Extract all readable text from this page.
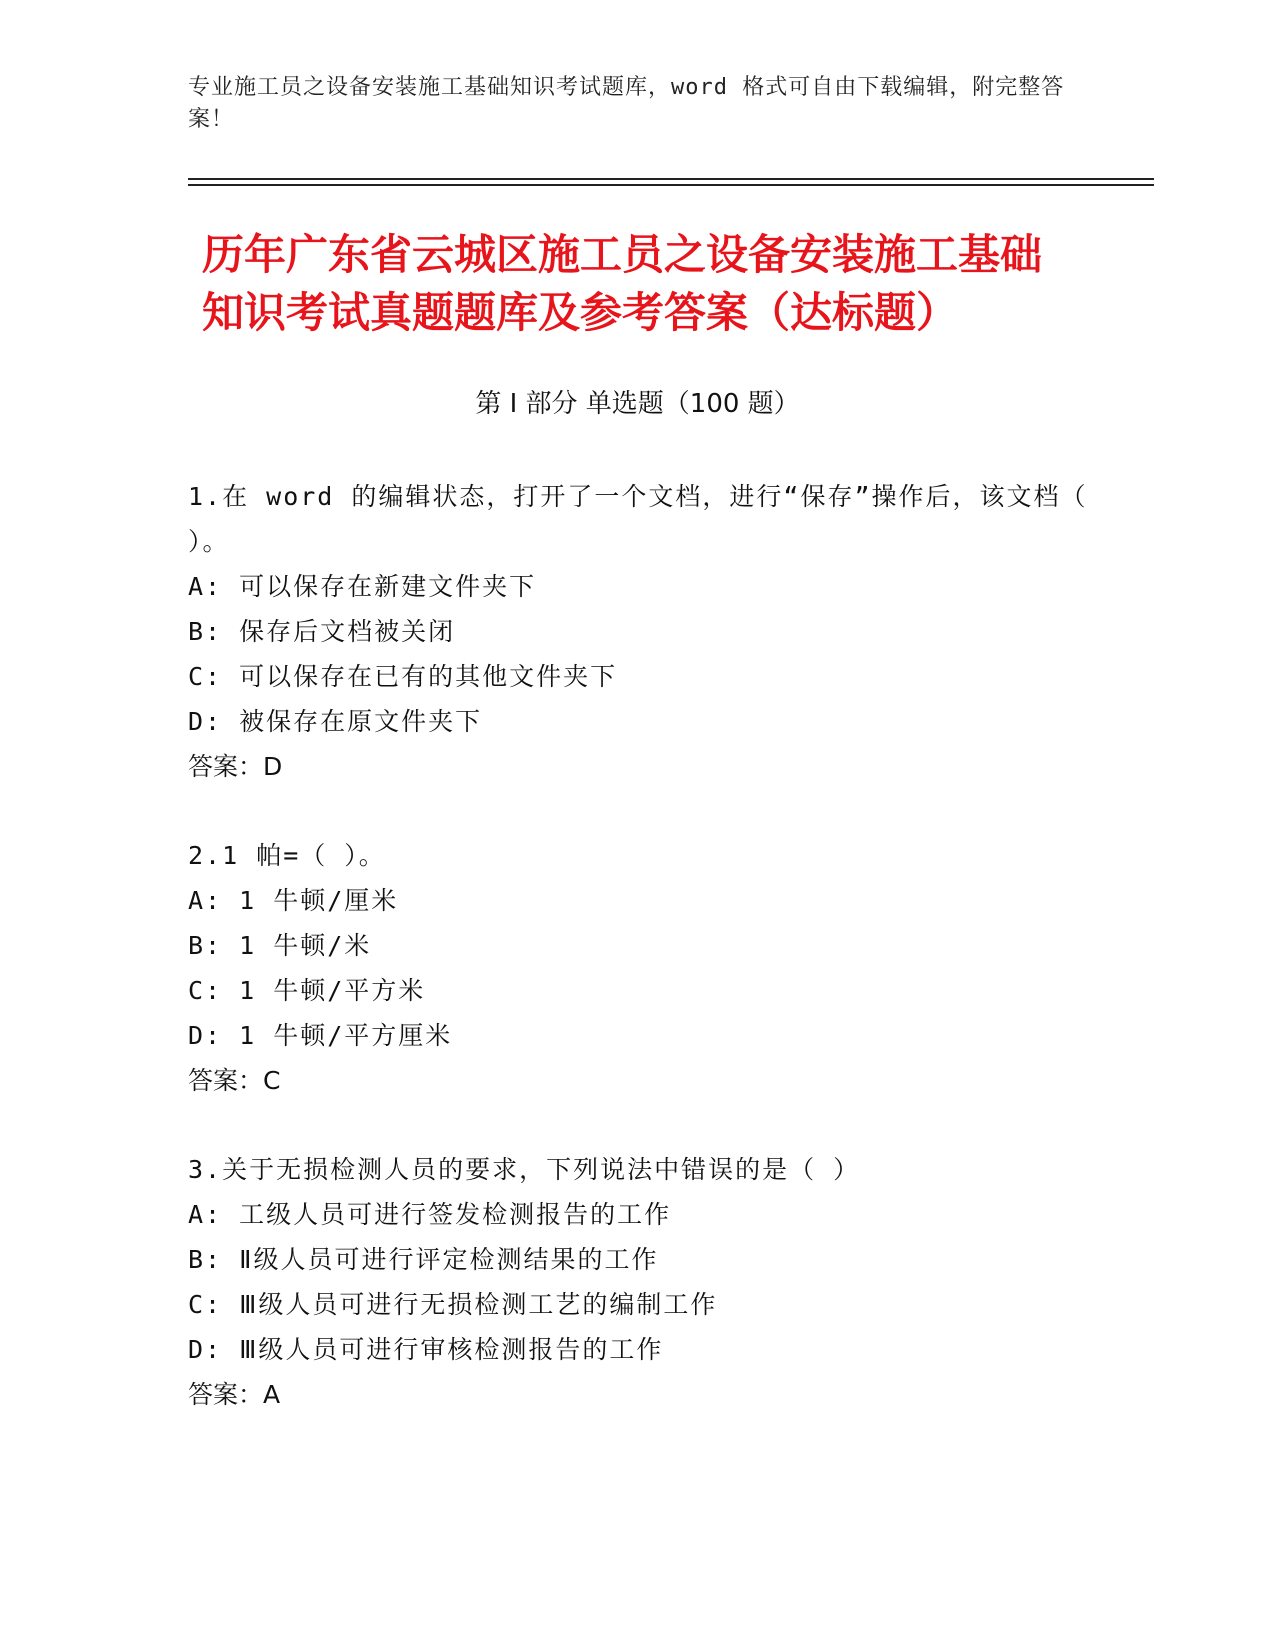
专业施工员之设备安装施工基础知识考试题库，word 格式可自由下载编辑，附完整答案！
历年广东省云城区施工员之设备安装施工基础知识考试真题题库及参考答案（达标题）
第 I 部分 单选题（100 题）
1.在 word 的编辑状态，打开了一个文档，进行“保存”操作后，该文档（ ）。
A: 可以保存在新建文件夹下
B: 保存后文档被关闭
C: 可以保存在已有的其他文件夹下
D: 被保存在原文件夹下
答案：D
2.1 帕=（ ）。
A: 1 牛顿/厘米
B: 1 牛顿/米
C: 1 牛顿/平方米
D: 1 牛顿/平方厘米
答案：C
3.关于无损检测人员的要求，下列说法中错误的是（ ）
A: 工级人员可进行签发检测报告的工作
B: Ⅱ级人员可进行评定检测结果的工作
C: Ⅲ级人员可进行无损检测工艺的编制工作
D: Ⅲ级人员可进行审核检测报告的工作
答案：A
